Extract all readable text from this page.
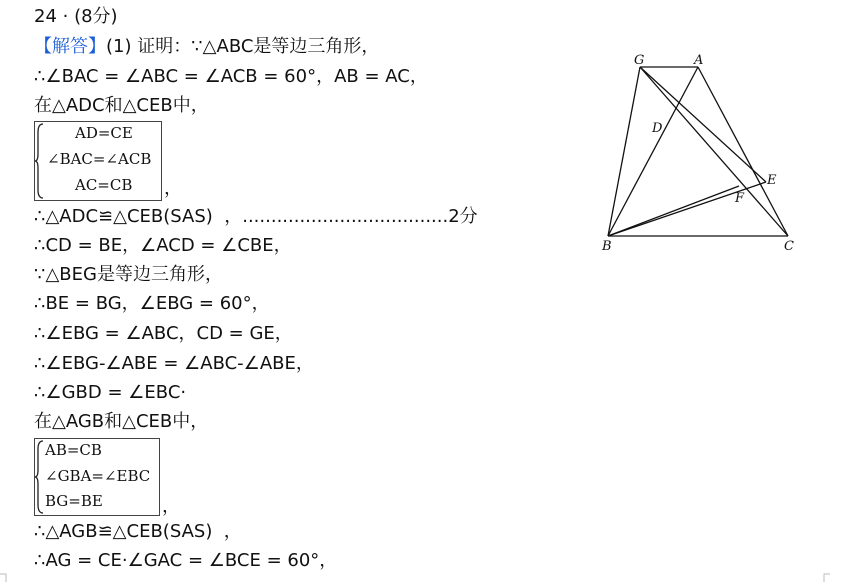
24 · (8分)
【解答】(1) 证明：∵△ABC是等边三角形，
∴∠BAC = ∠ABC = ∠ACB = 60°，AB = AC，
在△ADC和△CEB中，
AD=CE
∠BAC=∠ACB
AC=CB ，
∴△ADC≌△CEB(SAS)  ，....................................2分
∴CD = BE，∠ACD = ∠CBE，
∵△BEG是等边三角形，
∴BE = BG，∠EBG = 60°，
∴∠EBG = ∠ABC，CD = GE，
∴∠EBG-∠ABE = ∠ABC-∠ABE，
∴∠GBD = ∠EBC·
在△AGB和△CEB中，
AB=CB
∠GBA=∠EBC
BG=BE	，
∴△AGB≌△CEB(SAS)  ，
∴AG = CE·∠GAC = ∠BCE = 60°，
G	A
D
E
F
B	C
